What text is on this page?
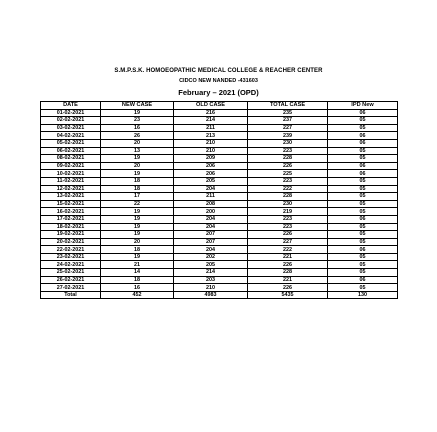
S.M.P.S.K. HOMOEOPATHIC MEDICAL COLLEGE & REACHER CENTER
CIDCO NEW NANDED -431603
February – 2021 (OPD)
DATE	NEW CASE	OLD CASE	TOTAL CASE	IPD New
01-02-2021	19	216	235	06
02-02-2021	23	214	237	05
03-02-2021	16	211	227	05
04-02-2021	26	213	239	06
05-02-2021	20	210	230	06
06-02-2021	13	210	223	05
08-02-2021	19	209	228	05
09-02-2021	20	206	226	06
10-02-2021	19	206	225	06
11-02-2021	18	205	223	05
12-02-2021	18	204	222	05
13-02-2021	17	211	228	05
15-02-2021	22	208	230	05
16-02-2021	19	200	219	05
17-02-2021	19	204	223	06
18-02-2021	19	204	223	05
19-02-2021	19	207	226	05
20-02-2021	20	207	227	05
22-02-2021	18	204	222	06
23-02-2021	19	202	221	05
24-02-2021	21	205	226	05
25-02-2021	14	214	228	05
26-02-2021	18	203	221	06
27-02-2021	16	210	226	05
Total	452	4983	5435	130
